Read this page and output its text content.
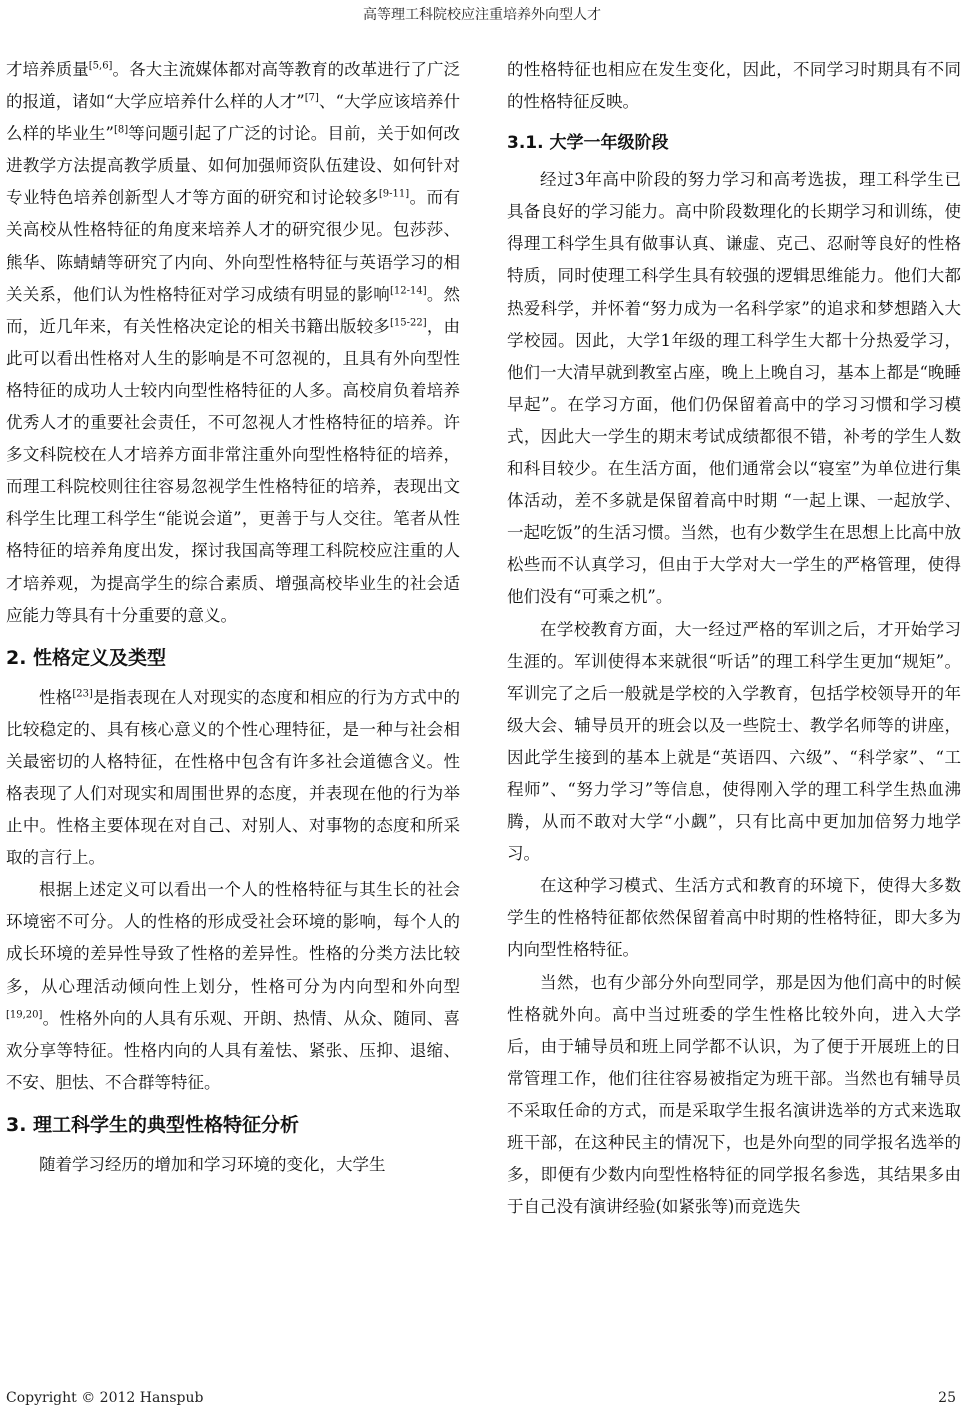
高等理工科院校应注重培养外向型人才

才培养质量[5,6]。各大主流媒体都对高等教育的改革进行了广泛的报道，诸如“大学应培养什么样的人才”[7]、“大学应该培养什么样的毕业生”[8]等问题引起了广泛的讨论。目前，关于如何改进教学方法提高教学质量、如何加强师资队伍建设、如何针对专业特色培养创新型人才等方面的研究和讨论较多[9-11]。而有关高校从性格特征的角度来培养人才的研究很少见。包莎莎、熊华、陈蜻蜻等研究了内向、外向型性格特征与英语学习的相关关系，他们认为性格特征对学习成绩有明显的影响[12-14]。然而，近几年来，有关性格决定论的相关书籍出版较多[15-22]，由此可以看出性格对人生的影响是不可忽视的，且具有外向型性格特征的成功人士较内向型性格特征的人多。高校肩负着培养优秀人才的重要社会责任，不可忽视人才性格特征的培养。许多文科院校在人才培养方面非常注重外向型性格特征的培养，而理工科院校则往往容易忽视学生性格特征的培养，表现出文科学生比理工科学生“能说会道”，更善于与人交往。笔者从性格特征的培养角度出发，探讨我国高等理工科院校应注重的人才培养观，为提高学生的综合素质、增强高校毕业生的社会适应能力等具有十分重要的意义。

2. 性格定义及类型

性格[23]是指表现在人对现实的态度和相应的行为方式中的比较稳定的、具有核心意义的个性心理特征，是一种与社会相关最密切的人格特征，在性格中包含有许多社会道德含义。性格表现了人们对现实和周围世界的态度，并表现在他的行为举止中。性格主要体现在对自己、对别人、对事物的态度和所采取的言行上。

根据上述定义可以看出一个人的性格特征与其生长的社会环境密不可分。人的性格的形成受社会环境的影响，每个人的成长环境的差异性导致了性格的差异性。性格的分类方法比较多，从心理活动倾向性上划分，性格可分为内向型和外向型[19,20]。性格外向的人具有乐观、开朗、热情、从众、随同、喜欢分享等特征。性格内向的人具有羞怯、紧张、压抑、退缩、不安、胆怯、不合群等特征。

3. 理工科学生的典型性格特征分析

随着学习经历的增加和学习环境的变化，大学生

的性格特征也相应在发生变化，因此，不同学习时期具有不同的性格特征反映。

3.1. 大学一年级阶段

经过3年高中阶段的努力学习和高考选拔，理工科学生已具备良好的学习能力。高中阶段数理化的长期学习和训练，使得理工科学生具有做事认真、谦虚、克己、忍耐等良好的性格特质，同时使理工科学生具有较强的逻辑思维能力。他们大都热爱科学，并怀着“努力成为一名科学家”的追求和梦想踏入大学校园。因此，大学1年级的理工科学生大都十分热爱学习，他们一大清早就到教室占座，晚上上晚自习，基本上都是“晚睡早起”。在学习方面，他们仍保留着高中的学习习惯和学习模式，因此大一学生的期末考试成绩都很不错，补考的学生人数和科目较少。在生活方面，他们通常会以“寝室”为单位进行集体活动，差不多就是保留着高中时期 “一起上课、一起放学、一起吃饭”的生活习惯。当然，也有少数学生在思想上比高中放松些而不认真学习，但由于大学对大一学生的严格管理，使得他们没有“可乘之机”。

在学校教育方面，大一经过严格的军训之后，才开始学习生涯的。军训使得本来就很“听话”的理工科学生更加“规矩”。军训完了之后一般就是学校的入学教育，包括学校领导开的年级大会、辅导员开的班会以及一些院士、教学名师等的讲座，因此学生接到的基本上就是“英语四、六级”、“科学家”、“工程师”、“努力学习”等信息，使得刚入学的理工科学生热血沸腾，从而不敢对大学“小觑”，只有比高中更加加倍努力地学习。

在这种学习模式、生活方式和教育的环境下，使得大多数学生的性格特征都依然保留着高中时期的性格特征，即大多为内向型性格特征。

当然，也有少部分外向型同学，那是因为他们高中的时候性格就外向。高中当过班委的学生性格比较外向，进入大学后，由于辅导员和班上同学都不认识，为了便于开展班上的日常管理工作，他们往往容易被指定为班干部。当然也有辅导员不采取任命的方式，而是采取学生报名演讲选举的方式来选取班干部，在这种民主的情况下，也是外向型的同学报名选举的多，即便有少数内向型性格特征的同学报名参选，其结果多由于自己没有演讲经验(如紧张等)而竞选失

Copyright © 2012 Hanspub	25
